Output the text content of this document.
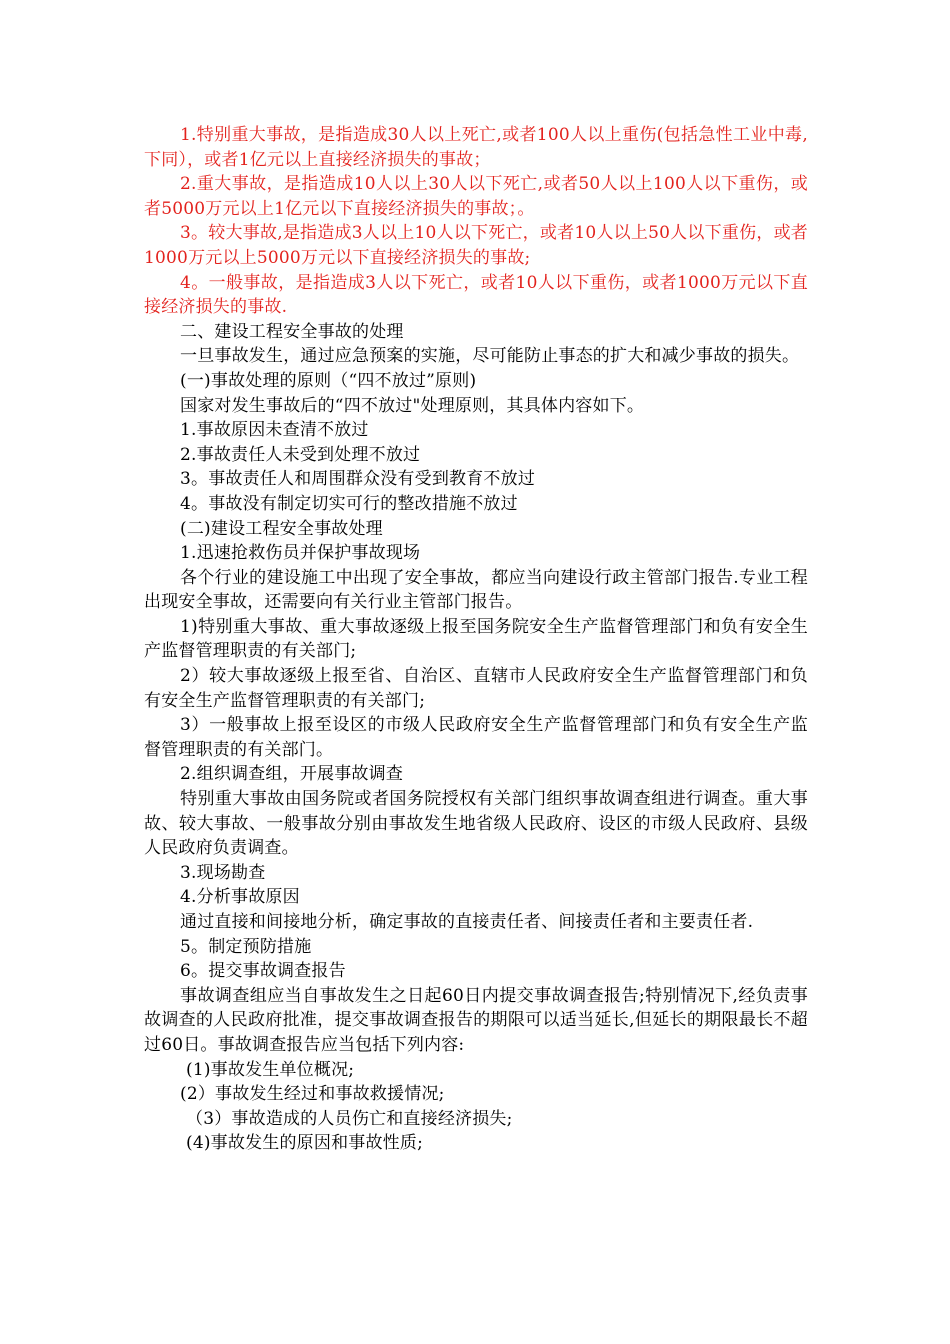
1.特别重大事故，是指造成30人以上死亡,或者100人以上重伤(包括急性工业中毒,下同），或者1亿元以上直接经济损失的事故；

2.重大事故，是指造成10人以上30人以下死亡,或者50人以上100人以下重伤，或者5000万元以上1亿元以下直接经济损失的事故；。

3。较大事故,是指造成3人以上10人以下死亡，或者10人以上50人以下重伤，或者1000万元以上5000万元以下直接经济损失的事故;

4。一般事故，是指造成3人以下死亡，或者10人以下重伤，或者1000万元以下直接经济损失的事故.

二、建设工程安全事故的处理

一旦事故发生，通过应急预案的实施，尽可能防止事态的扩大和减少事故的损失。

(一)事故处理的原则（“四不放过”原则)

国家对发生事故后的“四不放过"处理原则，其具体内容如下。

1.事故原因未查清不放过

2.事故责任人未受到处理不放过

3。事故责任人和周围群众没有受到教育不放过

4。事故没有制定切实可行的整改措施不放过

(二)建设工程安全事故处理

1.迅速抢救伤员并保护事故现场

各个行业的建设施工中出现了安全事故，都应当向建设行政主管部门报告.专业工程出现安全事故，还需要向有关行业主管部门报告。

1)特别重大事故、重大事故逐级上报至国务院安全生产监督管理部门和负有安全生产监督管理职责的有关部门;

2）较大事故逐级上报至省、自治区、直辖市人民政府安全生产监督管理部门和负有安全生产监督管理职责的有关部门;

3）一般事故上报至设区的市级人民政府安全生产监督管理部门和负有安全生产监督管理职责的有关部门。

2.组织调查组，开展事故调查

特别重大事故由国务院或者国务院授权有关部门组织事故调查组进行调查。重大事故、较大事故、一般事故分别由事故发生地省级人民政府、设区的市级人民政府、县级人民政府负责调查。

3.现场勘查

4.分析事故原因

通过直接和间接地分析，确定事故的直接责任者、间接责任者和主要责任者.

5。制定预防措施

6。提交事故调查报告

事故调查组应当自事故发生之日起60日内提交事故调查报告;特别情况下,经负责事故调查的人民政府批准，提交事故调查报告的期限可以适当延长,但延长的期限最长不超过60日。事故调查报告应当包括下列内容:

(1)事故发生单位概况;

(2）事故发生经过和事故救援情况;

（3）事故造成的人员伤亡和直接经济损失;

(4)事故发生的原因和事故性质;
